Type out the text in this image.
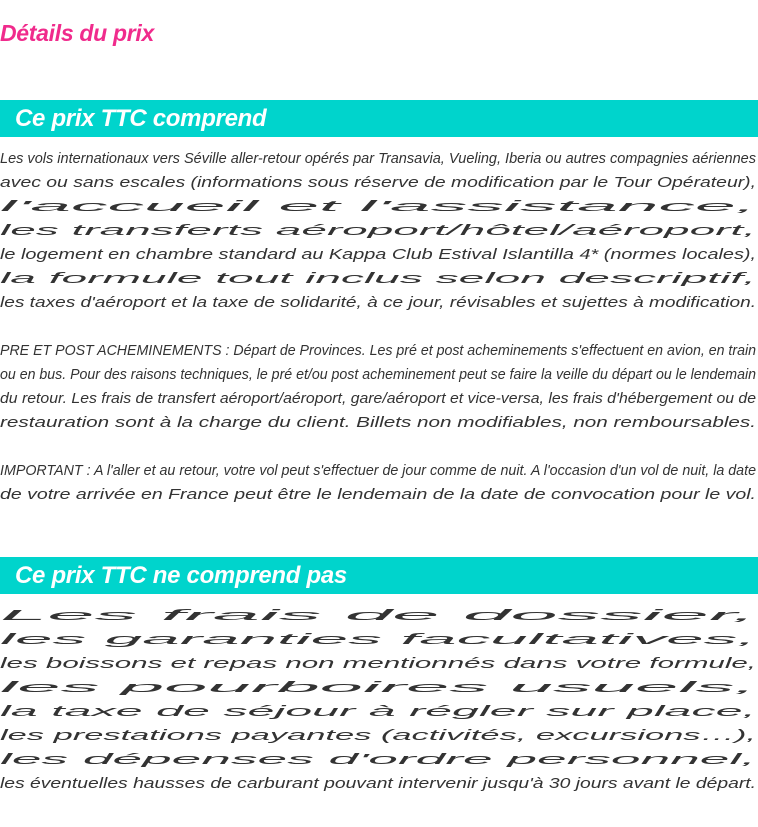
Détails du prix
Ce prix TTC comprend

Les vols internationaux vers Séville aller-retour opérés par Transavia, Vueling, Iberia ou autres compagnies aériennes
avec ou sans escales (informations sous réserve de modification par le Tour Opérateur),
l'accueil et l'assistance,
les transferts aéroport/hôtel/aéroport,
le logement en chambre standard au Kappa Club Estival Islantilla 4* (normes locales),
la formule tout inclus selon descriptif,
les taxes d'aéroport et la taxe de solidarité, à ce jour, révisables et sujettes à modification.

PRE ET POST ACHEMINEMENTS : Départ de Provinces. Les pré et post acheminements s'effectuent en avion, en train
ou en bus. Pour des raisons techniques, le pré et/ou post acheminement peut se faire la veille du départ ou le lendemain
du retour. Les frais de transfert aéroport/aéroport, gare/aéroport et vice-versa, les frais d'hébergement ou de
restauration sont à la charge du client. Billets non modifiables, non remboursables.

IMPORTANT : A l'aller et au retour, votre vol peut s'effectuer de jour comme de nuit. A l'occasion d'un vol de nuit, la date
de votre arrivée en France peut être le lendemain de la date de convocation pour le vol.

Ce prix TTC ne comprend pas

Les frais de dossier,
les garanties facultatives,
les boissons et repas non mentionnés dans votre formule,
les pourboires usuels,
la taxe de séjour à régler sur place,
les prestations payantes (activités, excursions…),
les dépenses d'ordre personnel,
les éventuelles hausses de carburant pouvant intervenir jusqu'à 30 jours avant le départ.
